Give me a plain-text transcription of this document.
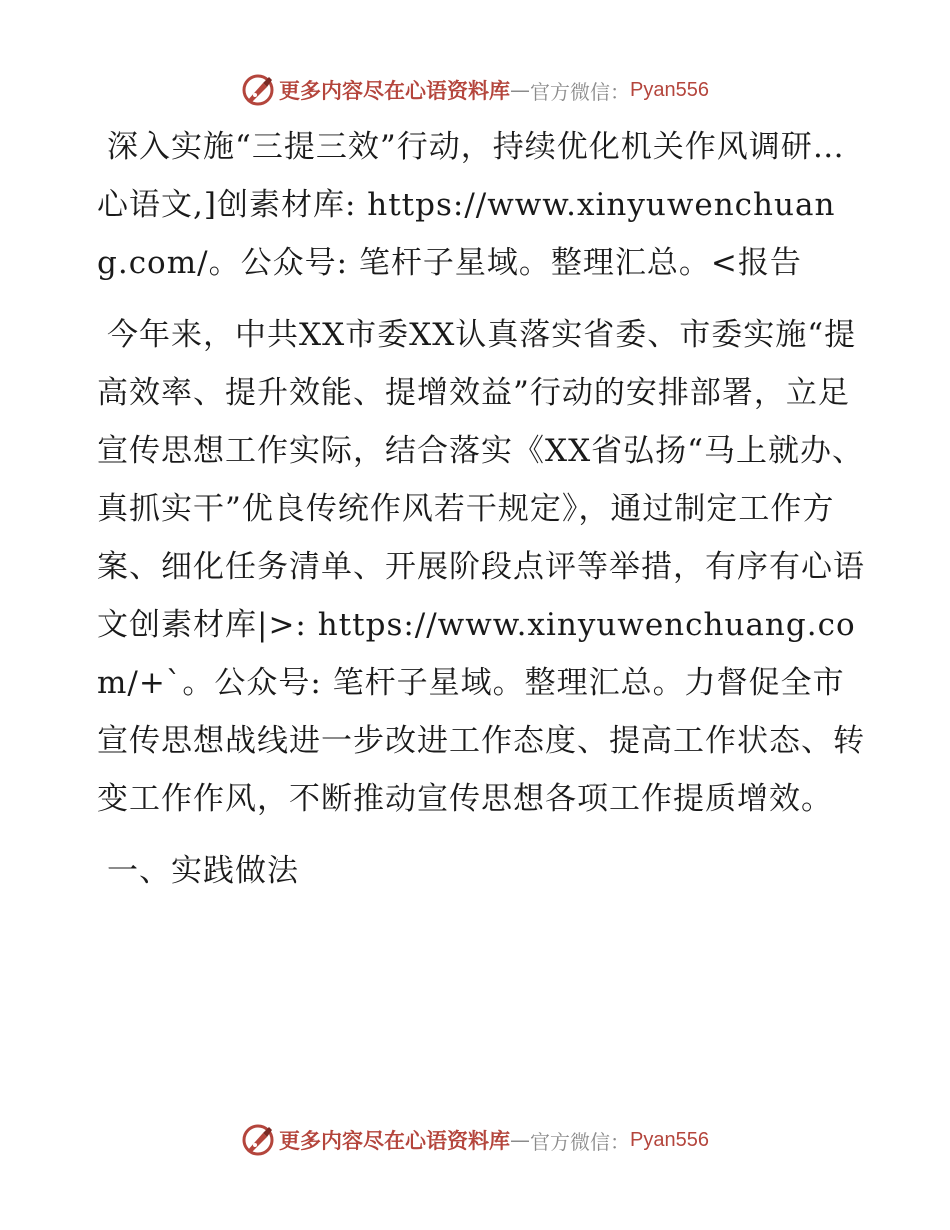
更多内容尽在心语资料库 — 官方微信： Pyan556

深入实施“三提三效”行动，持续优化机关作风调研…心语文,]创素材库: https://www.xinyuwenchuang.com/。公众号: 笔杆子星域。整理汇总。<报告

今年来，中共XX市委XX认真落实省委、市委实施“提高效率、提升效能、提增效益”行动的安排部署，立足宣传思想工作实际，结合落实《XX省弘扬“马上就办、真抓实干”优良传统作风若干规定》，通过制定工作方案、细化任务清单、开展阶段点评等举措，有序有心语文创素材库|>: https://www.xinyuwenchuang.com/+`。公众号: 笔杆子星域。整理汇总。力督促全市宣传思想战线进一步改进工作态度、提高工作状态、转变工作作风，不断推动宣传思想各项工作提质增效。

一、实践做法

更多内容尽在心语资料库 — 官方微信： Pyan556
